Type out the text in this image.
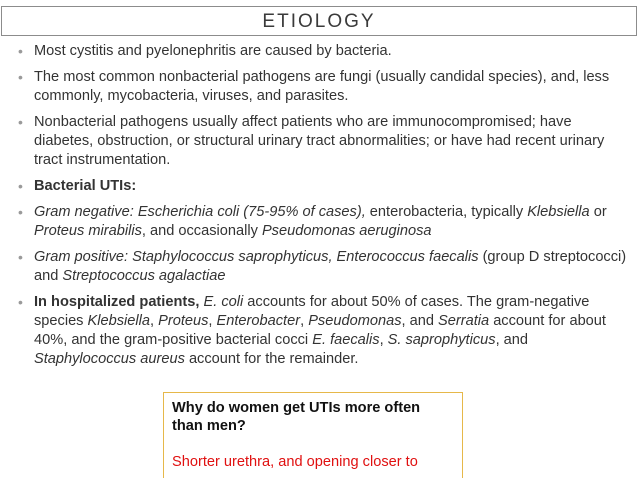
ETIOLOGY
• Most cystitis and pyelonephritis are caused by bacteria.
• The most common nonbacterial pathogens are fungi (usually candidal species), and, less commonly, mycobacteria, viruses, and parasites.
• Nonbacterial pathogens usually affect patients who are immunocompromised; have diabetes, obstruction, or structural urinary tract abnormalities; or have had recent urinary tract instrumentation.
• Bacterial UTIs:
• Gram negative: Escherichia coli (75-95% of cases), enterobacteria, typically Klebsiella or Proteus mirabilis, and occasionally Pseudomonas aeruginosa
• Gram positive: Staphylococcus saprophyticus, Enterococcus faecalis (group D streptococci) and Streptococcus agalactiae
• In hospitalized patients, E. coli accounts for about 50% of cases. The gram-negative species Klebsiella, Proteus, Enterobacter, Pseudomonas, and Serratia account for about 40%, and the gram-positive bacterial cocci E. faecalis, S. saprophyticus, and Staphylococcus aureus account for the remainder.
Why do women get UTIs more often than men?
Shorter urethra, and opening closer to
